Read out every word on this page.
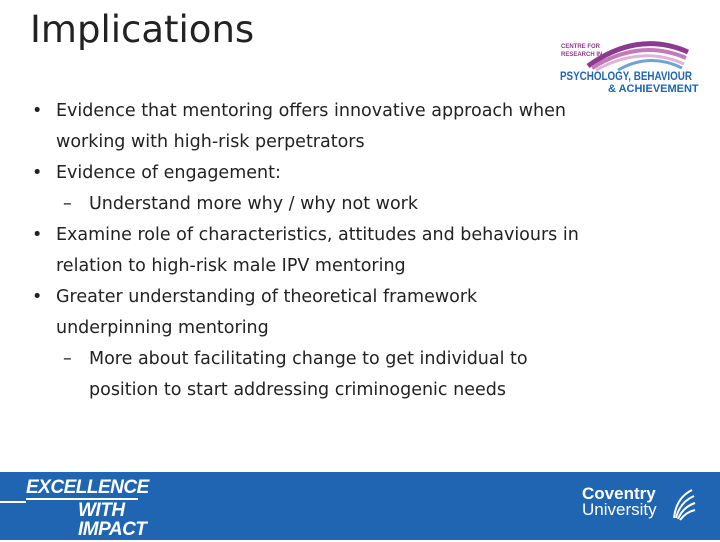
Implications	CENTRE FOR
RESEARCH IN
PSYCHOLOGY, BEHAVIOUR
& ACHIEVEMENT
• Evidence that mentoring offers innovative approach when
working with high-risk perpetrators
• Evidence of engagement:
– Understand more why / why not work
• Examine role of characteristics, attitudes and behaviours in
relation to high-risk male IPV mentoring
• Greater understanding of theoretical framework
underpinning mentoring
– More about facilitating change to get individual to
position to start addressing criminogenic needs
EXCELLENCE
WITH IMPACT
Coventry
University
